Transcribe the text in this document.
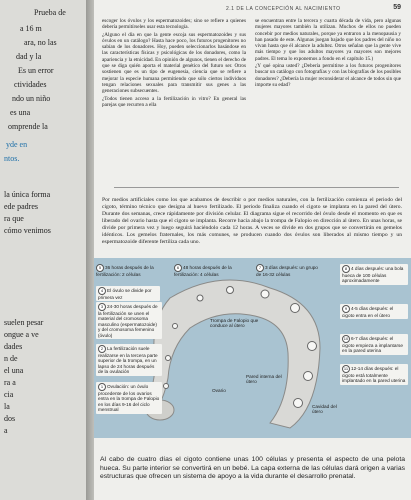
Prueba de
a 16 m
ara, no las
dad y la
Es un error
ctividades
ndo un niño
es una
omprende la
yde en
ntos.
la única forma
ede padres
ra que
cómo venimos
suelen pesar
ongue a ve
dades
n de
el una
ra a
cia
la
dos
a
2.1 DE LA CONCEPCIÓN AL NACIMIENTO	59

escoger los óvulos y los espermatozoides; sino se refiere a quienes debería permitírseles usar esta tecnología.

¿Alguno el día en que la gente escoja sus espermatozoides y sus óvulos en un catálogo? Hasta hace poco, los futuros progenitores no sabían de los donadores. Hoy, pueden seleccionarlos basándose en las características físicas y psicológicas de los donadores, como la apariencia y la etnicidad. En opinión de algunos, tienen el derecho de que se diga quién aporta el material genético del futuro ser. Otros sostienen que es un tipo de eugenesia, ciencia que se refiere a mejorar la especie humana permitiendo que sólo ciertos individuos tengan relaciones sexuales para transmitir sus genes a las generaciones subsecuentes.

¿Todos tienen acceso a la fertilización in vitro? En general las parejas que recurren a ella

se encuentran entre la tercera y cuarta década de vida, pero algunas mujeres mayores también la utilizan. Muchos de ellos no pueden concebir por medios naturales, porque ya entraron a la menopausia y han pasado de este. Algunas juegan bajado que los padres del niño no vivan hasta que él alcance la adultez. Otros señalan que la gente vive más tiempo y que los adultos mayores ya mayores son mejores padres. El tema lo exponemos a fondo en el capítulo 15.)

¿Y qué opina usted? ¿Debería permitirse a los futuros progenitores buscar un catálogo con fotografías y con las biografías de los posibles donadores? ¿Debería la mujer reconsiderar el alcance de todos sin que importe su edad?

Por medios artificiales como los que acabamos de describir o por medios naturales, con la fertilización comienza el periodo del cigoto, término técnico que designa al huevo fertilizado. El periodo finaliza cuando el cigoto se implanta en la pared del útero. Durante dos semanas, crece rápidamente por división celular. El diagrama sigue el recorrido del óvulo desde el momento en que es liberado del ovario hasta que el cigoto se implanta. Recorre hacia abajo la trompa de Falopio en dirección al útero. En unas horas, se divide por primera vez y luego seguirá haciéndolo cada 12 horas. A veces se divide en dos grupos que se convertirán en gemelos idénticos. Los gemelos fraternales, los más comunes, se producen cuando dos óvulos son liberados al mismo tiempo y un espermatozoide diferente fertiliza cada uno.
5 36 horas después de la fertilización: 2 células
6 48 horas después de la fertilización: 4 células
7 3 días después: un grupo de 16-32 células
8 4 días después: una bola hueca de 100 células aproximadamente
4 El óvulo se divide por primera vez
3 24-30 horas después de la fertilización se unen el material del cromosoma masculino (espermatozoide) y del cromosoma femenino (óvulo)
2 La fertilización suele realizarse en la tercera parte superior de la trompa, en un lapso de 24 horas después de la ovulación
1 Ovulación: un óvulo procedente de los ovarios entra en la trompa de Falopio en los días 9-16 del ciclo menstrual
9 4-5 días después: el cigoto entra en el útero
10 6-7 días después: el cigoto empieza a implantarse en la pared uterina
11 12-14 días después: el cigoto está totalmente implantado en la pared uterina
Trompa de Falopio que conduce al útero
Pared interna del útero
Ovario
Cavidad del útero
Al cabo de cuatro días el cigoto contiene unas 100 células y presenta el aspecto de una pelota hueca. Su parte interior se convertirá en un bebé. La capa externa de las células dará origen a varias estructuras que ofrecen un sistema de apoyo a la vida durante el desarrollo prenatal.
